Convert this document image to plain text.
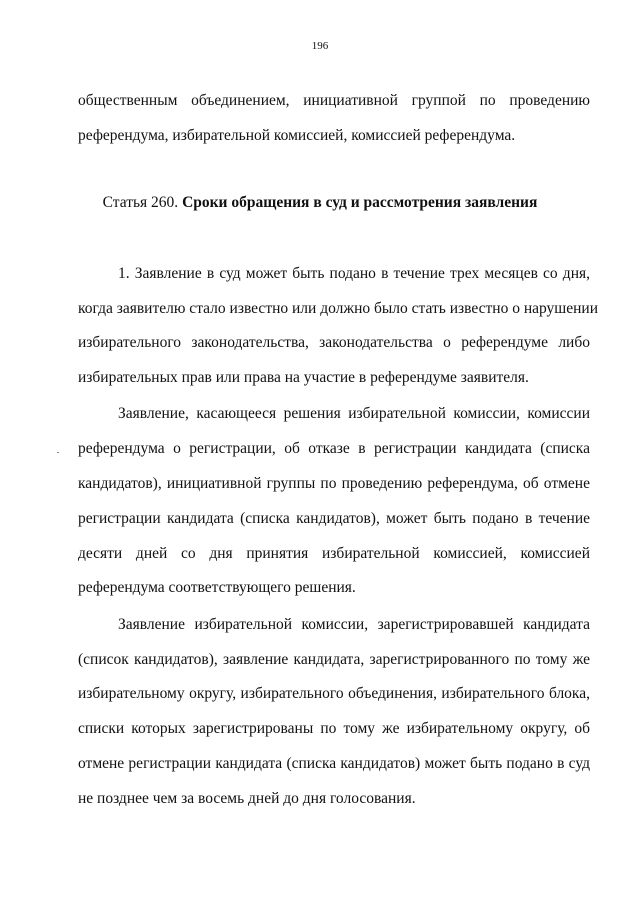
196
общественным объединением, инициативной группой по проведению
референдума, избирательной комиссией, комиссией референдума.
Статья 260. Сроки обращения в суд и рассмотрения заявления
1. Заявление в суд может быть подано в течение трех месяцев со дня,
когда заявителю стало известно или должно было стать известно о нарушении
избирательного законодательства, законодательства о референдуме либо
избирательных прав или права на участие в референдуме заявителя.
Заявление, касающееся решения избирательной комиссии, комиссии
референдума о регистрации, об отказе в регистрации кандидата (списка
кандидатов), инициативной группы по проведению референдума, об отмене
регистрации кандидата (списка кандидатов), может быть подано в течение
десяти дней со дня принятия избирательной комиссией, комиссией
референдума соответствующего решения.
Заявление избирательной комиссии, зарегистрировавшей кандидата
(список кандидатов), заявление кандидата, зарегистрированного по тому же
избирательному округу, избирательного объединения, избирательного блока,
списки которых зарегистрированы по тому же избирательному округу, об
отмене регистрации кандидата (списка кандидатов) может быть подано в суд
не позднее чем за восемь дней до дня голосования.
